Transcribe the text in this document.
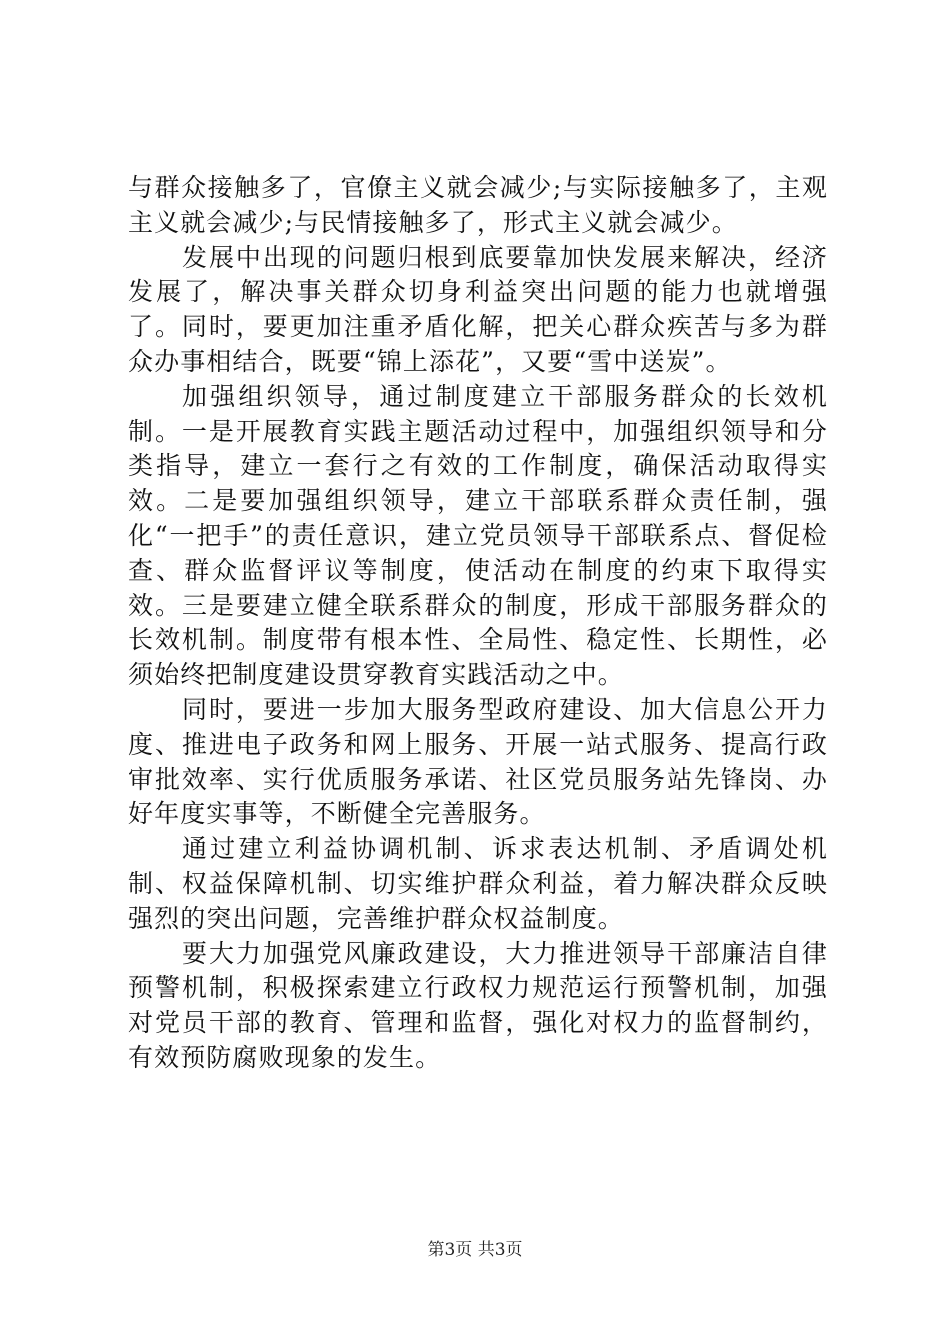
与群众接触多了，官僚主义就会减少;与实际接触多了，主观主义就会减少;与民情接触多了，形式主义就会减少。

发展中出现的问题归根到底要靠加快发展来解决，经济发展了，解决事关群众切身利益突出问题的能力也就增强了。同时，要更加注重矛盾化解，把关心群众疾苦与多为群众办事相结合，既要“锦上添花”，又要“雪中送炭”。

加强组织领导，通过制度建立干部服务群众的长效机制。一是开展教育实践主题活动过程中，加强组织领导和分类指导，建立一套行之有效的工作制度，确保活动取得实效。二是要加强组织领导，建立干部联系群众责任制，强化“一把手”的责任意识，建立党员领导干部联系点、督促检查、群众监督评议等制度，使活动在制度的约束下取得实效。三是要建立健全联系群众的制度，形成干部服务群众的长效机制。制度带有根本性、全局性、稳定性、长期性，必须始终把制度建设贯穿教育实践活动之中。

同时，要进一步加大服务型政府建设、加大信息公开力度、推进电子政务和网上服务、开展一站式服务、提高行政审批效率、实行优质服务承诺、社区党员服务站先锋岗、办好年度实事等，不断健全完善服务。

通过建立利益协调机制、诉求表达机制、矛盾调处机制、权益保障机制、切实维护群众利益，着力解决群众反映强烈的突出问题，完善维护群众权益制度。

要大力加强党风廉政建设，大力推进领导干部廉洁自律预警机制，积极探索建立行政权力规范运行预警机制，加强对党员干部的教育、管理和监督，强化对权力的监督制约，有效预防腐败现象的发生。

第3页 共3页
